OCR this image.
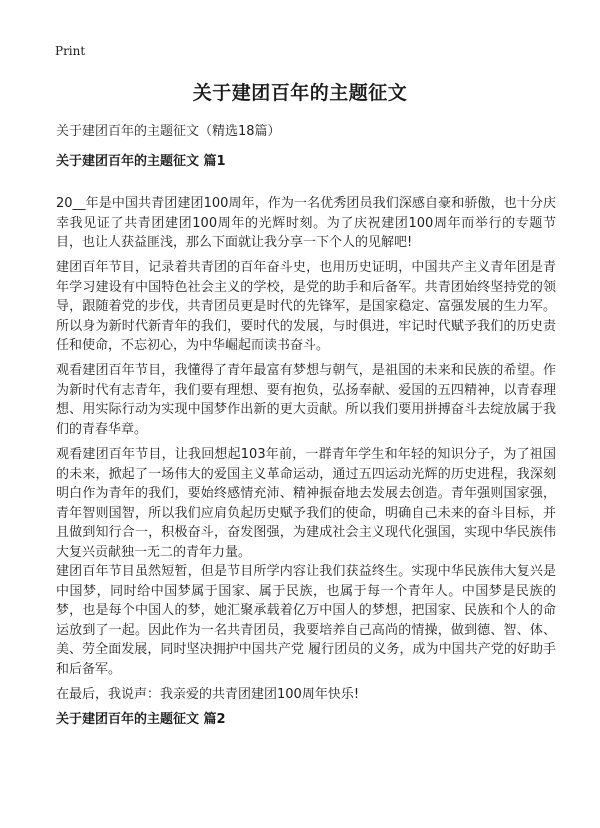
Print
关于建团百年的主题征文
关于建团百年的主题征文（精选18篇）
关于建团百年的主题征文 篇1

20__年是中国共青团建团100周年，作为一名优秀团员我们深感自豪和骄傲，也十分庆幸我见证了共青团建团100周年的光辉时刻。为了庆祝建团100周年而举行的专题节目，也让人获益匪浅，那么下面就让我分享一下个人的见解吧!

建团百年节目，记录着共青团的百年奋斗史，也用历史证明，中国共产主义青年团是青年学习建设有中国特色社会主义的学校，是党的助手和后备军。共青团始终坚持党的领导，跟随着党的步伐，共青团员更是时代的先锋军，是国家稳定、富强发展的生力军。所以身为新时代新青年的我们，要时代的发展，与时俱进，牢记时代赋予我们的历史责任和使命，不忘初心，为中华崛起而读书奋斗。

观看建团百年节目，我懂得了青年最富有梦想与朝气，是祖国的未来和民族的希望。作为新时代有志青年，我们要有理想、要有抱负，弘扬奉献、爱国的五四精神，以青春理想、用实际行动为实现中国梦作出新的更大贡献。所以我们要用拼搏奋斗去绽放属于我们的青春华章。

观看建团百年节目，让我回想起103年前，一群青年学生和年轻的知识分子，为了祖国的未来，掀起了一场伟大的爱国主义革命运动，通过五四运动光辉的历史进程，我深刻明白作为青年的我们，要始终感情充沛、精神振奋地去发展去创造。青年强则国家强，青年智则国智，所以我们应肩负起历史赋予我们的使命，明确自己未来的奋斗目标，并且做到知行合一，积极奋斗，奋发图强，为建成社会主义现代化强国，实现中华民族伟大复兴贡献独一无二的青年力量。

建团百年节目虽然短暂，但是节目所学内容让我们获益终生。实现中华民族伟大复兴是中国梦，同时给中国梦属于国家、属于民族，也属于每一个青年人。中国梦是民族的梦，也是每个中国人的梦，她汇聚承载着亿万中国人的梦想，把国家、民族和个人的命运放到了一起。因此作为一名共青团员，我要培养自己高尚的情操，做到德、智、体、美、劳全面发展，同时坚决拥护中国共产党 履行团员的义务，成为中国共产党的好助手和后备军。

在最后，我说声：我亲爱的共青团建团100周年快乐!

关于建团百年的主题征文 篇2
